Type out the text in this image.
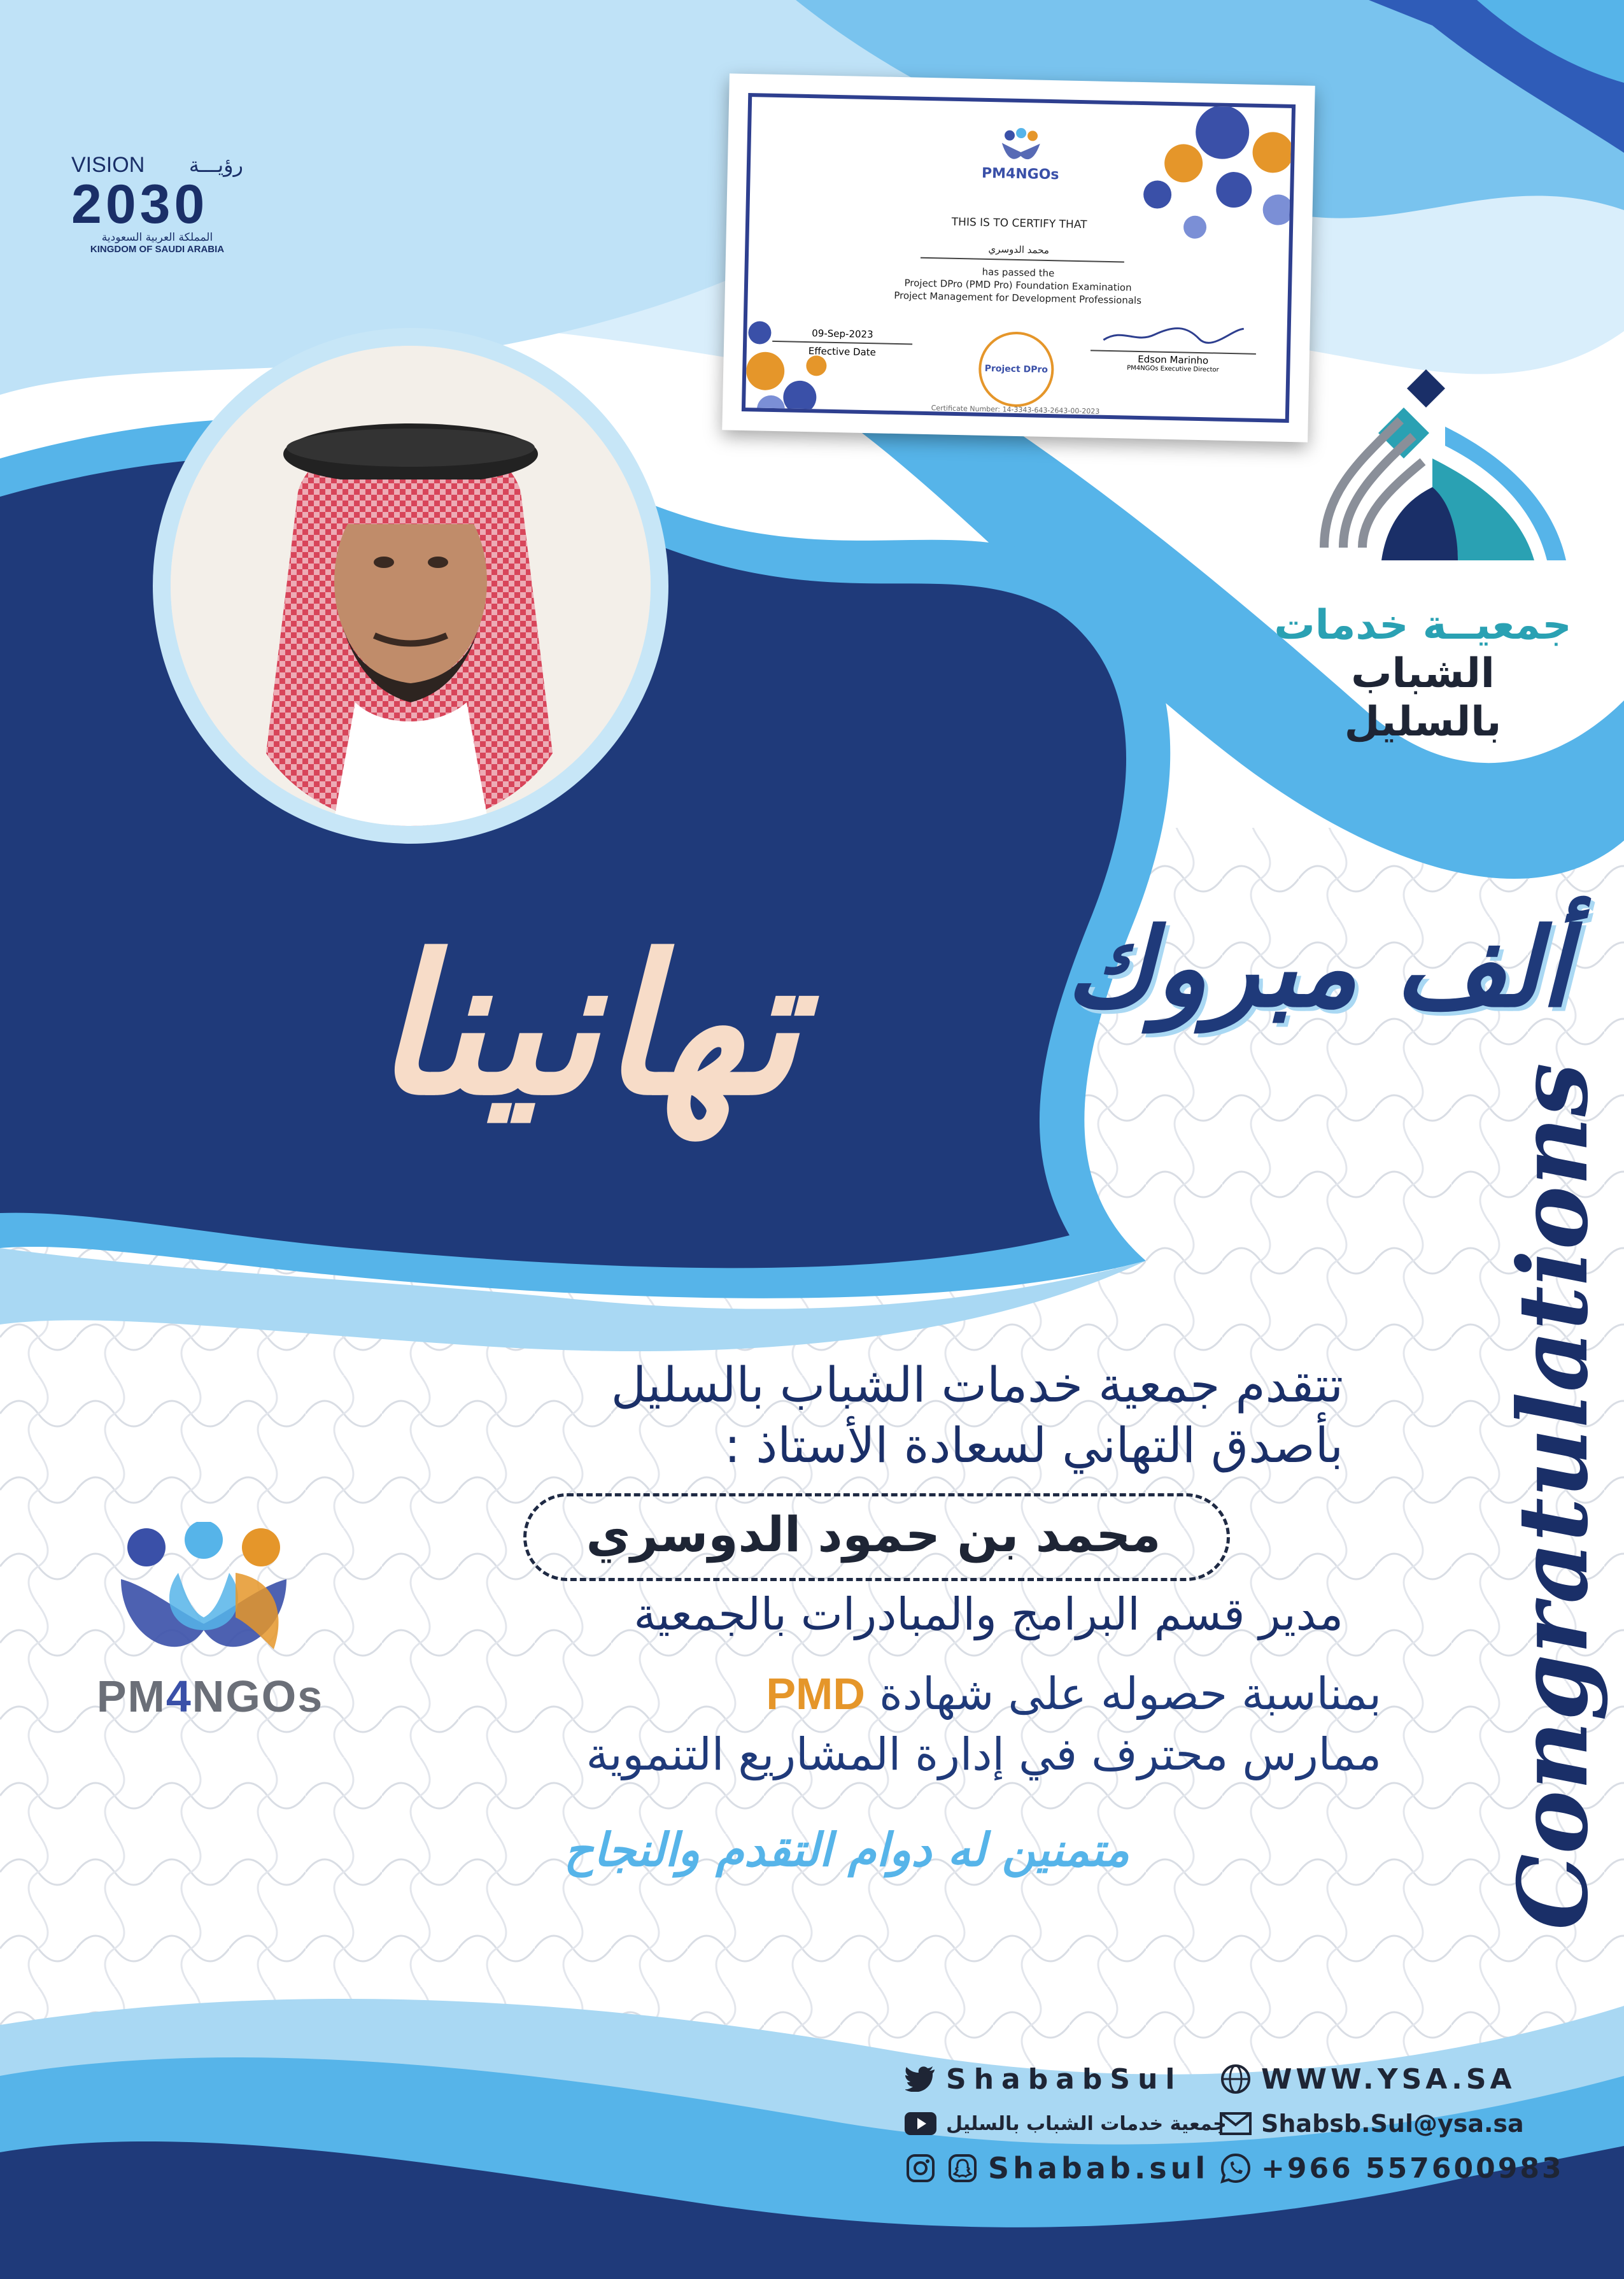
VISION رؤيـــة
2030
المملكة العربية السعودية
KINGDOM OF SAUDI ARABIA
PM4NGOs
THIS IS TO CERTIFY THAT
محمد الدوسري
has passed the
Project DPro (PMD Pro) Foundation Examination
Project Management for Development Professionals
09-Sep-2023
Effective Date
Project DPro
Edson Marinho
PM4NGOs Executive Director
Certificate Number: 14-3343-643-2643-00-2023
جمعيــة خدمات
الشباب بالسليل
تهانينا	ألف مبروك
Congratulations
تتقدم جمعية خدمات الشباب بالسليل
بأصدق التهاني لسعادة الأستاذ :
محمد بن حمود الدوسري
مدير قسم البرامج والمبادرات بالجمعية
بمناسبة حصوله على شهادة PMD
ممارس محترف في إدارة المشاريع التنموية
متمنين له دوام التقدم والنجاح
PM4NGOs
ShababSul	WWW.YSA.SA
جمعية خدمات الشباب بالسليل Shabsb.Sul@ysa.sa
Shabab.sul +966 557600983
